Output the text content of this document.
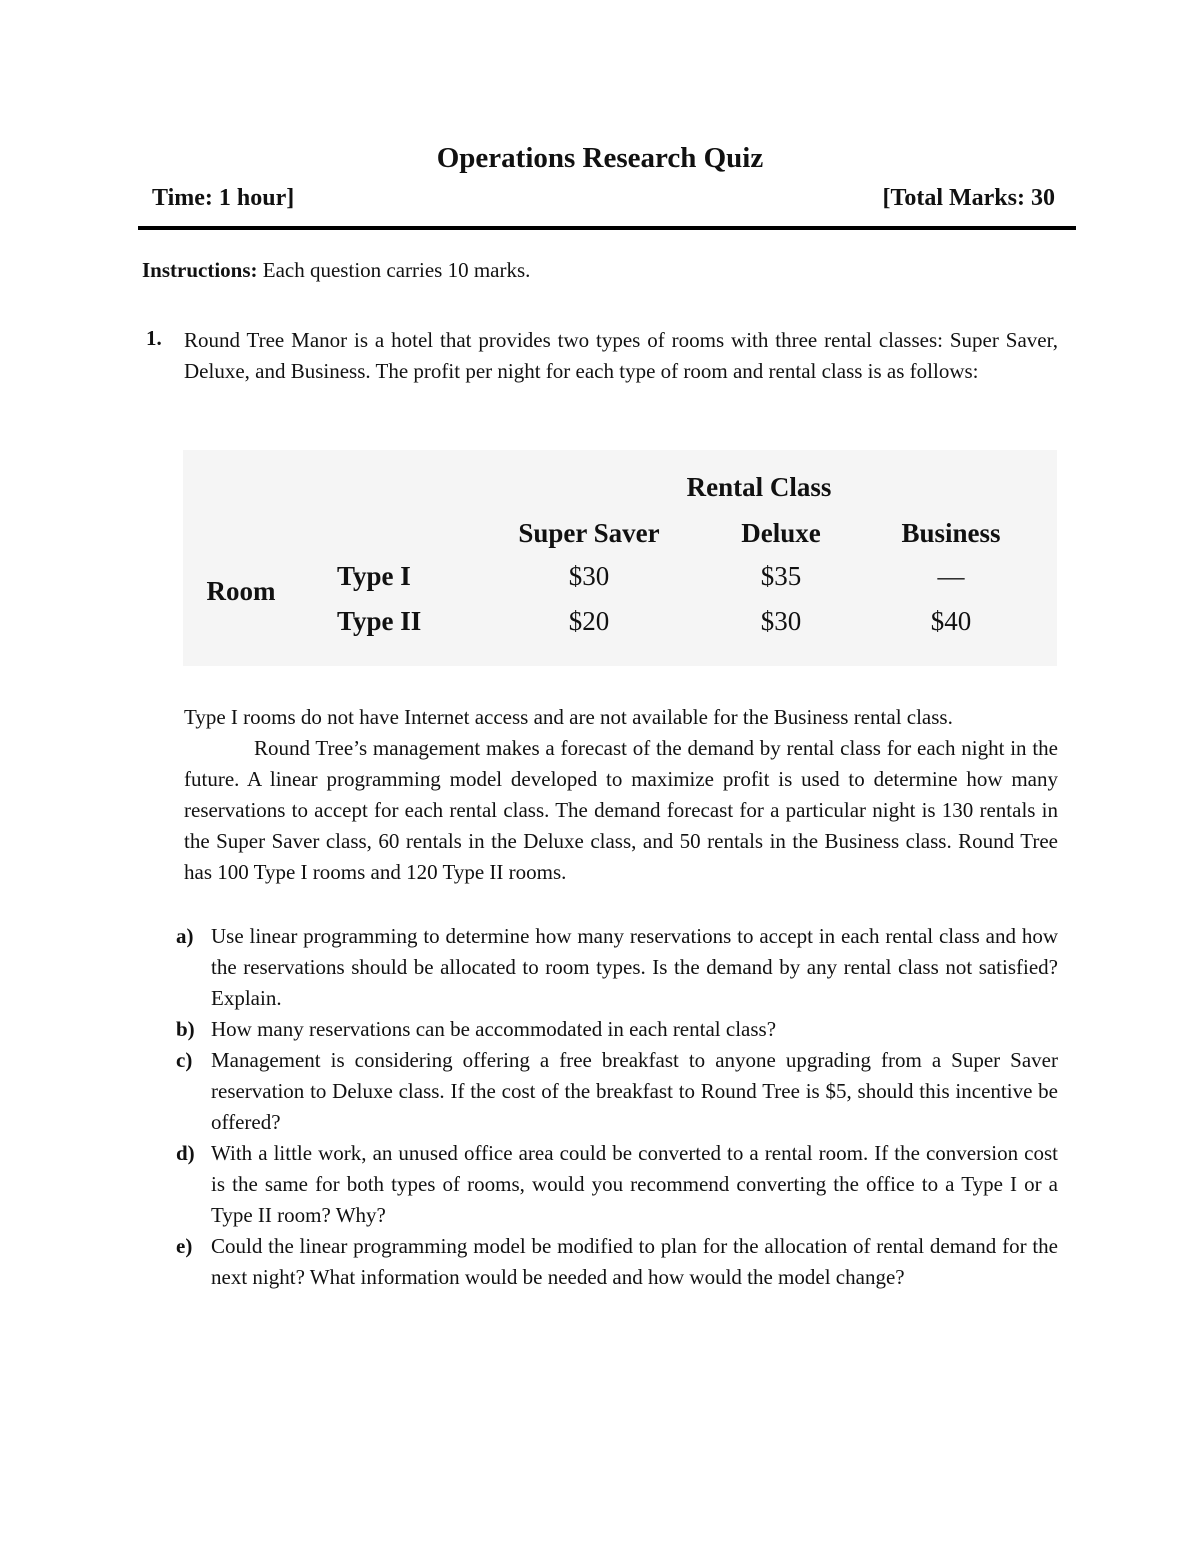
Operations Research Quiz
Time: 1 hour]	[Total Marks: 30
Instructions: Each question carries 10 marks.
1. Round Tree Manor is a hotel that provides two types of rooms with three rental classes: Super Saver, Deluxe, and Business. The profit per night for each type of room and rental class is as follows:
Rental Class
Super Saver	Deluxe	Business
Room	Type I	$30	$35	—
Type II	$20	$30	$40
Type I rooms do not have Internet access and are not available for the Business rental class.
Round Tree’s management makes a forecast of the demand by rental class for each night in the future. A linear programming model developed to maximize profit is used to determine how many reservations to accept for each rental class. The demand forecast for a particular night is 130 rentals in the Super Saver class, 60 rentals in the Deluxe class, and 50 rentals in the Business class. Round Tree has 100 Type I rooms and 120 Type II rooms.
a) Use linear programming to determine how many reservations to accept in each rental class and how the reservations should be allocated to room types. Is the demand by any rental class not satisfied? Explain.
b) How many reservations can be accommodated in each rental class?
c) Management is considering offering a free breakfast to anyone upgrading from a Super Saver reservation to Deluxe class. If the cost of the breakfast to Round Tree is $5, should this incentive be offered?
d) With a little work, an unused office area could be converted to a rental room. If the conversion cost is the same for both types of rooms, would you recommend converting the office to a Type I or a Type II room? Why?
e) Could the linear programming model be modified to plan for the allocation of rental demand for the next night? What information would be needed and how would the model change?
